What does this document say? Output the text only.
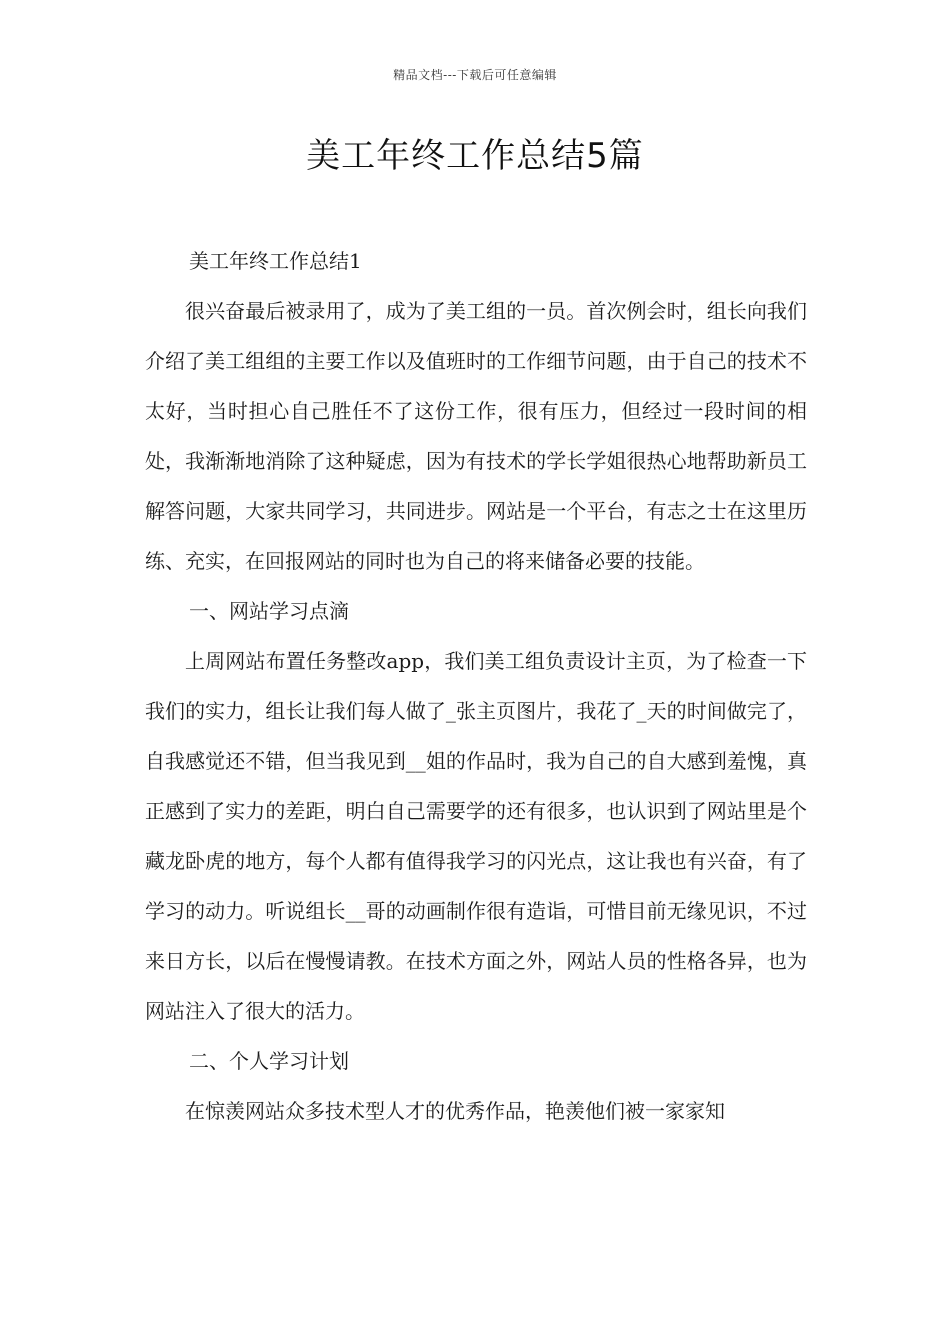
精品文档---下载后可任意编辑
美工年终工作总结5篇

美工年终工作总结1

很兴奋最后被录用了，成为了美工组的一员。首次例会时，组长向我们介绍了美工组组的主要工作以及值班时的工作细节问题，由于自己的技术不太好，当时担心自己胜任不了这份工作，很有压力，但经过一段时间的相处，我渐渐地消除了这种疑虑，因为有技术的学长学姐很热心地帮助新员工解答问题，大家共同学习，共同进步。网站是一个平台，有志之士在这里历练、充实，在回报网站的同时也为自己的将来储备必要的技能。

一、网站学习点滴

上周网站布置任务整改app，我们美工组负责设计主页，为了检查一下我们的实力，组长让我们每人做了_张主页图片，我花了_天的时间做完了，自我感觉还不错，但当我见到__姐的作品时，我为自己的自大感到羞愧，真正感到了实力的差距，明白自己需要学的还有很多，也认识到了网站里是个藏龙卧虎的地方，每个人都有值得我学习的闪光点，这让我也有兴奋，有了学习的动力。听说组长__哥的动画制作很有造诣，可惜目前无缘见识，不过来日方长，以后在慢慢请教。在技术方面之外，网站人员的性格各异，也为网站注入了很大的活力。

二、个人学习计划

在惊羡网站众多技术型人才的优秀作品，艳羡他们被一家家知
